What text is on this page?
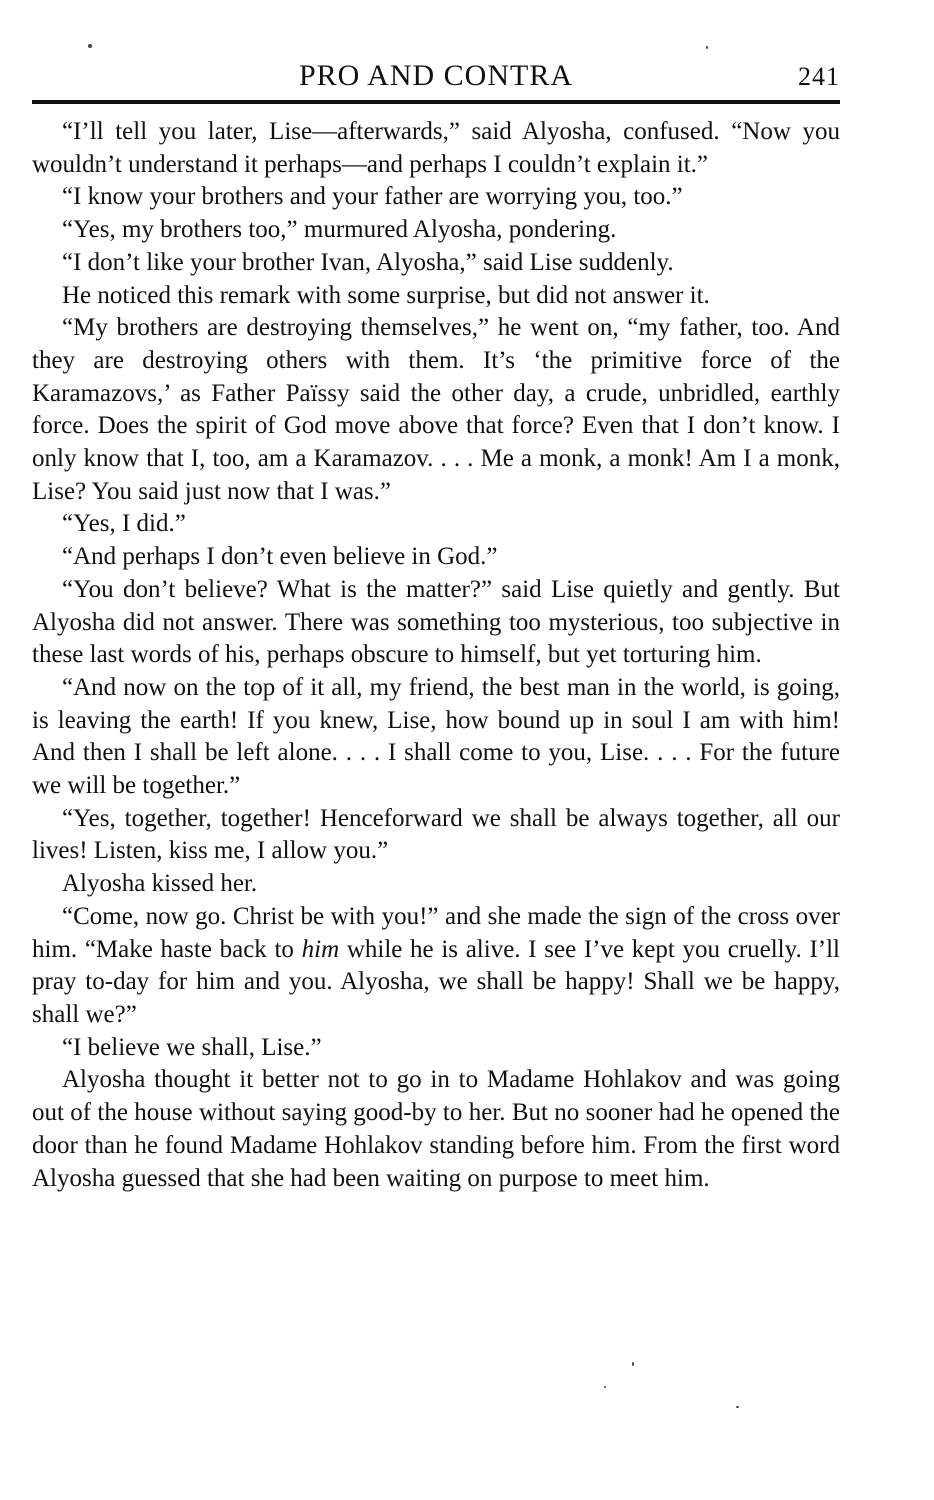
PRO AND CONTRA	241

“I’ll tell you later, Lise—afterwards,” said Alyosha, confused. “Now you wouldn’t understand it perhaps—and perhaps I couldn’t explain it.”

“I know your brothers and your father are worrying you, too.”

“Yes, my brothers too,” murmured Alyosha, pondering.

“I don’t like your brother Ivan, Alyosha,” said Lise suddenly.

He noticed this remark with some surprise, but did not answer it.

“My brothers are destroying themselves,” he went on, “my father, too. And they are destroying others with them. It’s ‘the primitive force of the Karamazovs,’ as Father Païssy said the other day, a crude, unbridled, earthly force. Does the spirit of God move above that force? Even that I don’t know. I only know that I, too, am a Karamazov. . . . Me a monk, a monk! Am I a monk, Lise? You said just now that I was.”

“Yes, I did.”

“And perhaps I don’t even believe in God.”

“You don’t believe? What is the matter?” said Lise quietly and gently. But Alyosha did not answer. There was something too mysterious, too subjective in these last words of his, perhaps obscure to himself, but yet torturing him.

“And now on the top of it all, my friend, the best man in the world, is going, is leaving the earth! If you knew, Lise, how bound up in soul I am with him! And then I shall be left alone. . . . I shall come to you, Lise. . . . For the future we will be together.”

“Yes, together, together! Henceforward we shall be always together, all our lives! Listen, kiss me, I allow you.”

Alyosha kissed her.

“Come, now go. Christ be with you!” and she made the sign of the cross over him. “Make haste back to him while he is alive. I see I’ve kept you cruelly. I’ll pray to-day for him and you. Alyosha, we shall be happy! Shall we be happy, shall we?”

“I believe we shall, Lise.”

Alyosha thought it better not to go in to Madame Hohlakov and was going out of the house without saying good-by to her. But no sooner had he opened the door than he found Madame Hohlakov standing before him. From the first word Alyosha guessed that she had been waiting on purpose to meet him.
